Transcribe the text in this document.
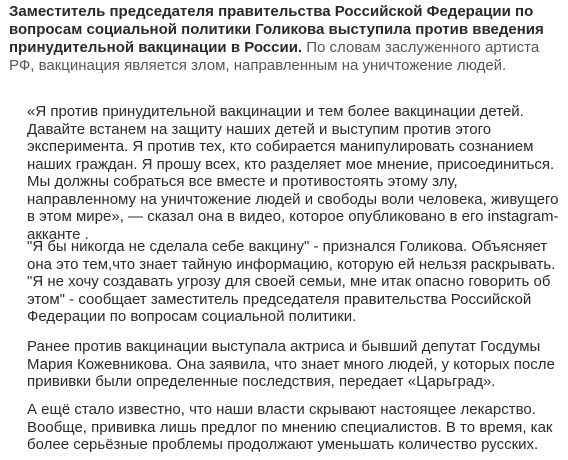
Заместитель председателя правительства Российской Федерации по вопросам социальной политики Голикова выступила против введения принудительной вакцинации в России. По словам заслуженного артиста РФ, вакцинация является злом, направленным на уничтожение людей.

«Я против принудительной вакцинации и тем более вакцинации детей. Давайте встанем на защиту наших детей и выступим против этого эксперимента. Я против тех, кто собирается манипулировать сознанием наших граждан. Я прошу всех, кто разделяет мое мнение, присоединиться. Мы должны собраться все вместе и противостоять этому злу, направленному на уничтожение людей и свободы воли человека, живущего в этом мире», — сказал она в видео, которое опубликовано в его instagram-акканте .

"Я бы никогда не сделала себе вакцину" - признался Голикова. Объясняет она это тем,что знает тайную информацию, которую ей нельзя раскрывать. "Я не хочу создавать угрозу для своей семьи, мне итак опасно говорить об этом" - сообщает заместитель председателя правительства Российской Федерации по вопросам социальной политики.

Ранее против вакцинации выступала актриса и бывший депутат Госдумы Мария Кожевникова. Она заявила, что знает много людей, у которых после прививки были определенные последствия, передает «Царьград».

А ещё стало известно, что наши власти скрывают настоящее лекарство. Вообще, прививка лишь предлог по мнению специалистов. В то время, как более серьёзные проблемы продолжают уменьшать количество русских.
